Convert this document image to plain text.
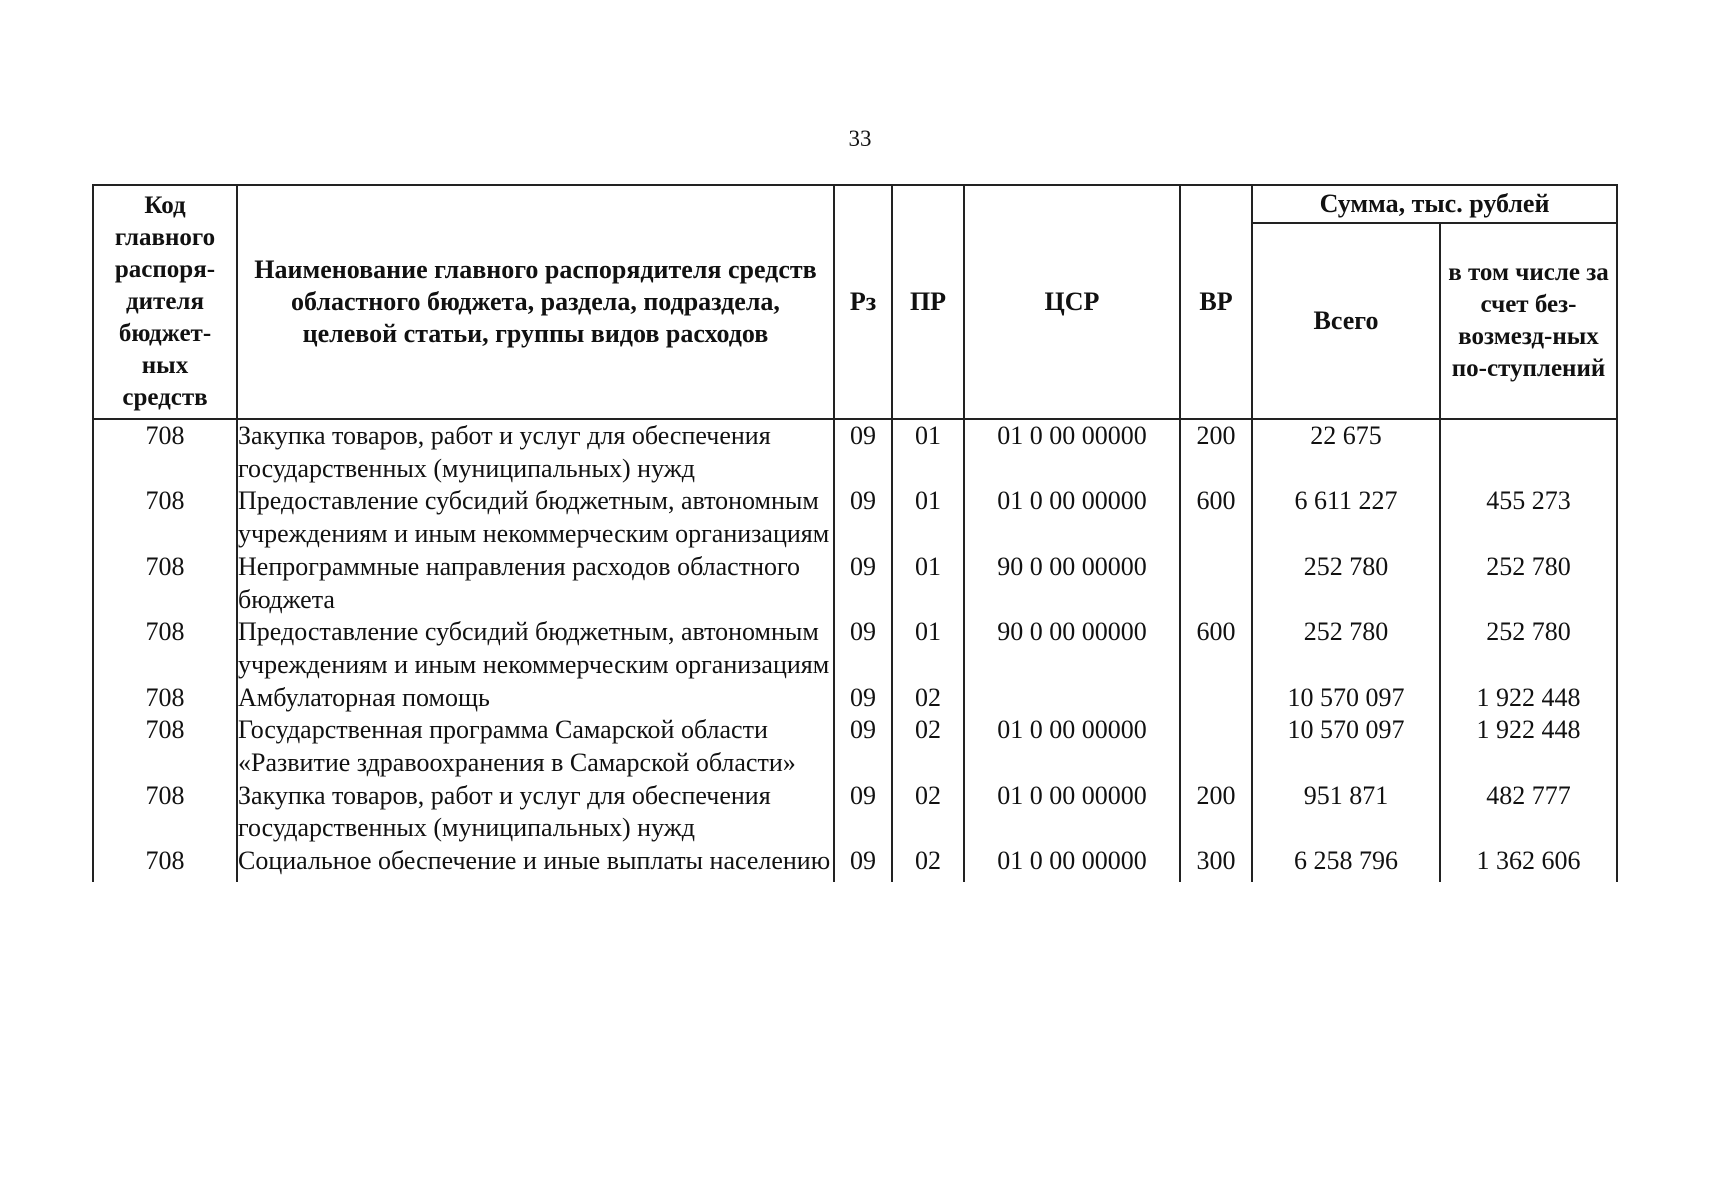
33
Код главного распоря-дителя бюджет-ных средств	Наименование главного распорядителя средств областного бюджета, раздела, подраздела, целевой статьи, группы видов расходов	Рз	ПР	ЦСР	ВР	Сумма, тыс. рублей	
						Всего	в том числе за счет без-возмезд-ных по-ступлений
708	Закупка товаров, работ и услуг для обеспечения государственных (муниципальных) нужд	09	01	01 0 00 00000	200	22 675	
708	Предоставление субсидий бюджетным, автономным учреждениям и иным некоммерческим организациям	09	01	01 0 00 00000	600	6 611 227	455 273
708	Непрограммные направления расходов областного бюджета	09	01	90 0 00 00000		252 780	252 780
708	Предоставление субсидий бюджетным, автономным учреждениям и иным некоммерческим организациям	09	01	90 0 00 00000	600	252 780	252 780
708	Амбулаторная помощь	09	02			10 570 097	1 922 448
708	Государственная программа Самарской области «Развитие здравоохранения в Самарской области»	09	02	01 0 00 00000		10 570 097	1 922 448
708	Закупка товаров, работ и услуг для обеспечения государственных (муниципальных) нужд	09	02	01 0 00 00000	200	951 871	482 777
708	Социальное обеспечение и иные выплаты населению	09	02	01 0 00 00000	300	6 258 796	1 362 606
